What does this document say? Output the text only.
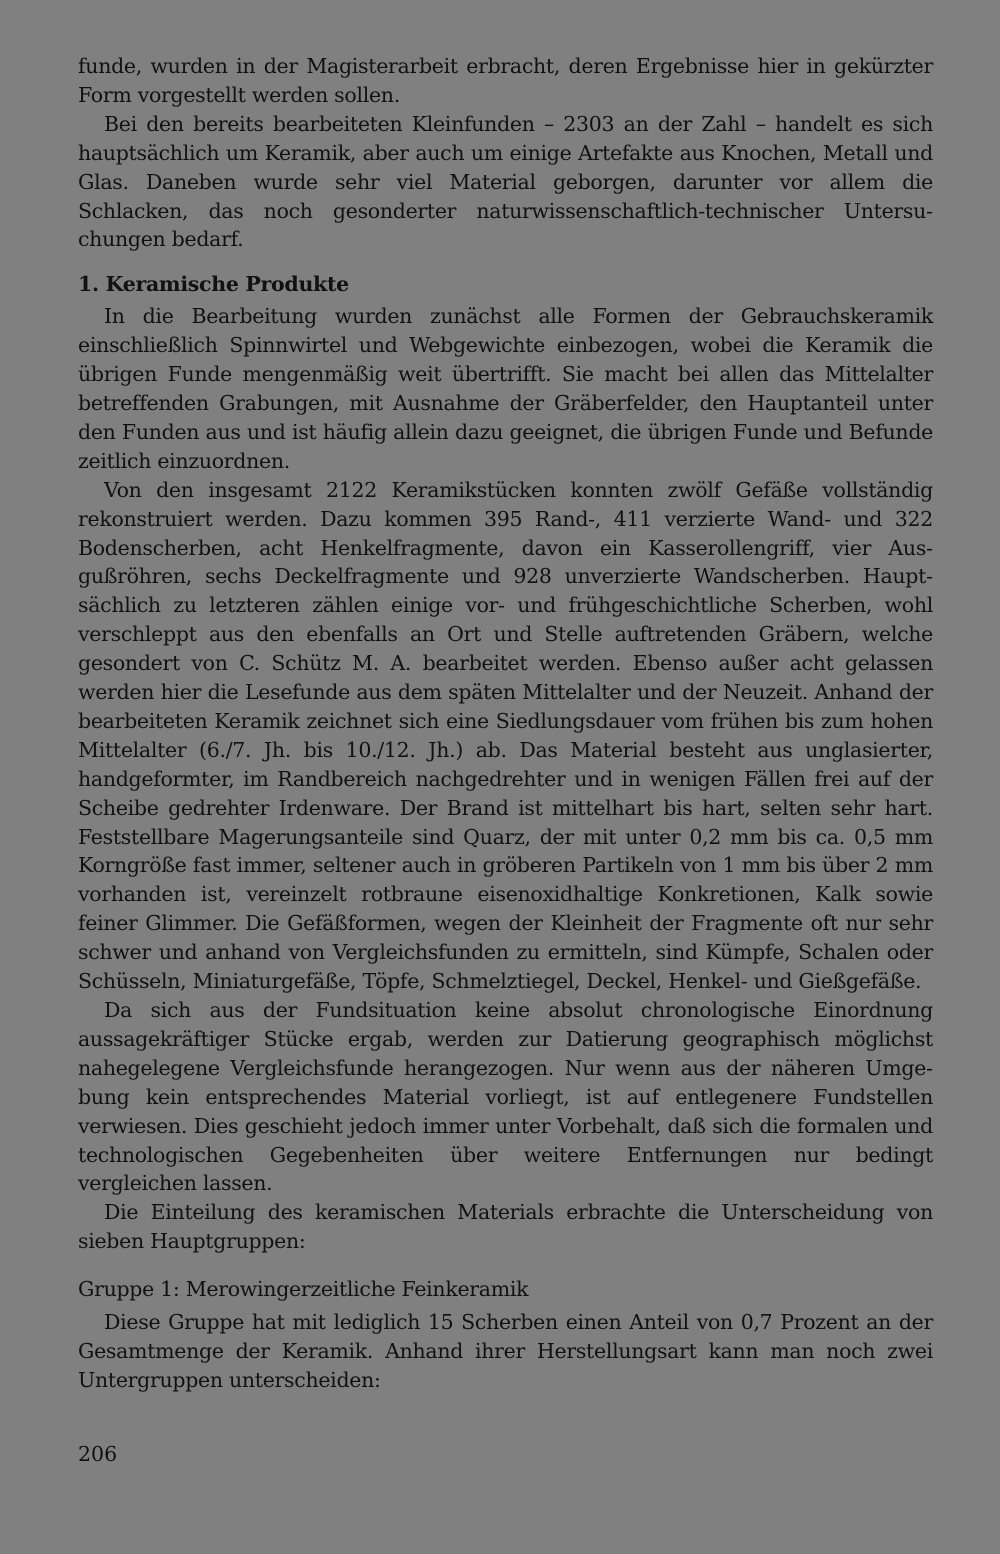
funde, wurden in der Magisterarbeit erbracht, deren Ergebnisse hier in gekürzter Form vorgestellt werden sollen.

Bei den bereits bearbeiteten Kleinfunden – 2303 an der Zahl – handelt es sich hauptsächlich um Keramik, aber auch um einige Artefakte aus Knochen, Metall und Glas. Daneben wurde sehr viel Material geborgen, darunter vor allem die Schlacken, das noch gesonderter naturwissenschaftlich-technischer Untersuchungen bedarf.

1. Keramische Produkte

In die Bearbeitung wurden zunächst alle Formen der Gebrauchskeramik einschließlich Spinnwirtel und Webgewichte einbezogen, wobei die Keramik die übrigen Funde mengenmäßig weit übertrifft. Sie macht bei allen das Mittelalter betreffenden Grabungen, mit Ausnahme der Gräberfelder, den Hauptanteil unter den Funden aus und ist häufig allein dazu geeignet, die übrigen Funde und Befunde zeitlich einzuordnen.

Von den insgesamt 2122 Keramikstücken konnten zwölf Gefäße vollständig rekonstruiert werden. Dazu kommen 395 Rand-, 411 verzierte Wand- und 322 Bodenscherben, acht Henkelfragmente, davon ein Kasserollengriff, vier Ausgußröhren, sechs Deckelfragmente und 928 unverzierte Wandscherben. Hauptsächlich zu letzteren zählen einige vor- und frühgeschichtliche Scherben, wohl verschleppt aus den ebenfalls an Ort und Stelle auftretenden Gräbern, welche gesondert von C. Schütz M. A. bearbeitet werden. Ebenso außer acht gelassen werden hier die Lesefunde aus dem späten Mittelalter und der Neuzeit. Anhand der bearbeiteten Keramik zeichnet sich eine Siedlungsdauer vom frühen bis zum hohen Mittelalter (6./7. Jh. bis 10./12. Jh.) ab. Das Material besteht aus unglasierter, handgeformter, im Randbereich nachgedrehter und in wenigen Fällen frei auf der Scheibe gedrehter Irdenware. Der Brand ist mittelhart bis hart, selten sehr hart. Feststellbare Magerungsanteile sind Quarz, der mit unter 0,2 mm bis ca. 0,5 mm Korngröße fast immer, seltener auch in gröberen Partikeln von 1 mm bis über 2 mm vorhanden ist, vereinzelt rotbraune eisenoxidhaltige Konkretionen, Kalk sowie feiner Glimmer. Die Gefäßformen, wegen der Kleinheit der Fragmente oft nur sehr schwer und anhand von Vergleichsfunden zu ermitteln, sind Kümpfe, Schalen oder Schüsseln, Miniaturgefäße, Töpfe, Schmelztiegel, Deckel, Henkel- und Gießgefäße.

Da sich aus der Fundsituation keine absolut chronologische Einordnung aussagekräftiger Stücke ergab, werden zur Datierung geographisch möglichst nahegelegene Vergleichsfunde herangezogen. Nur wenn aus der näheren Umgebung kein entsprechendes Material vorliegt, ist auf entlegenere Fundstellen verwiesen. Dies geschieht jedoch immer unter Vorbehalt, daß sich die formalen und technologischen Gegebenheiten über weitere Entfernungen nur bedingt vergleichen lassen.

Die Einteilung des keramischen Materials erbrachte die Unterscheidung von sieben Hauptgruppen:

Gruppe 1: Merowingerzeitliche Feinkeramik

Diese Gruppe hat mit lediglich 15 Scherben einen Anteil von 0,7 Prozent an der Gesamtmenge der Keramik. Anhand ihrer Herstellungsart kann man noch zwei Untergruppen unterscheiden:

206
